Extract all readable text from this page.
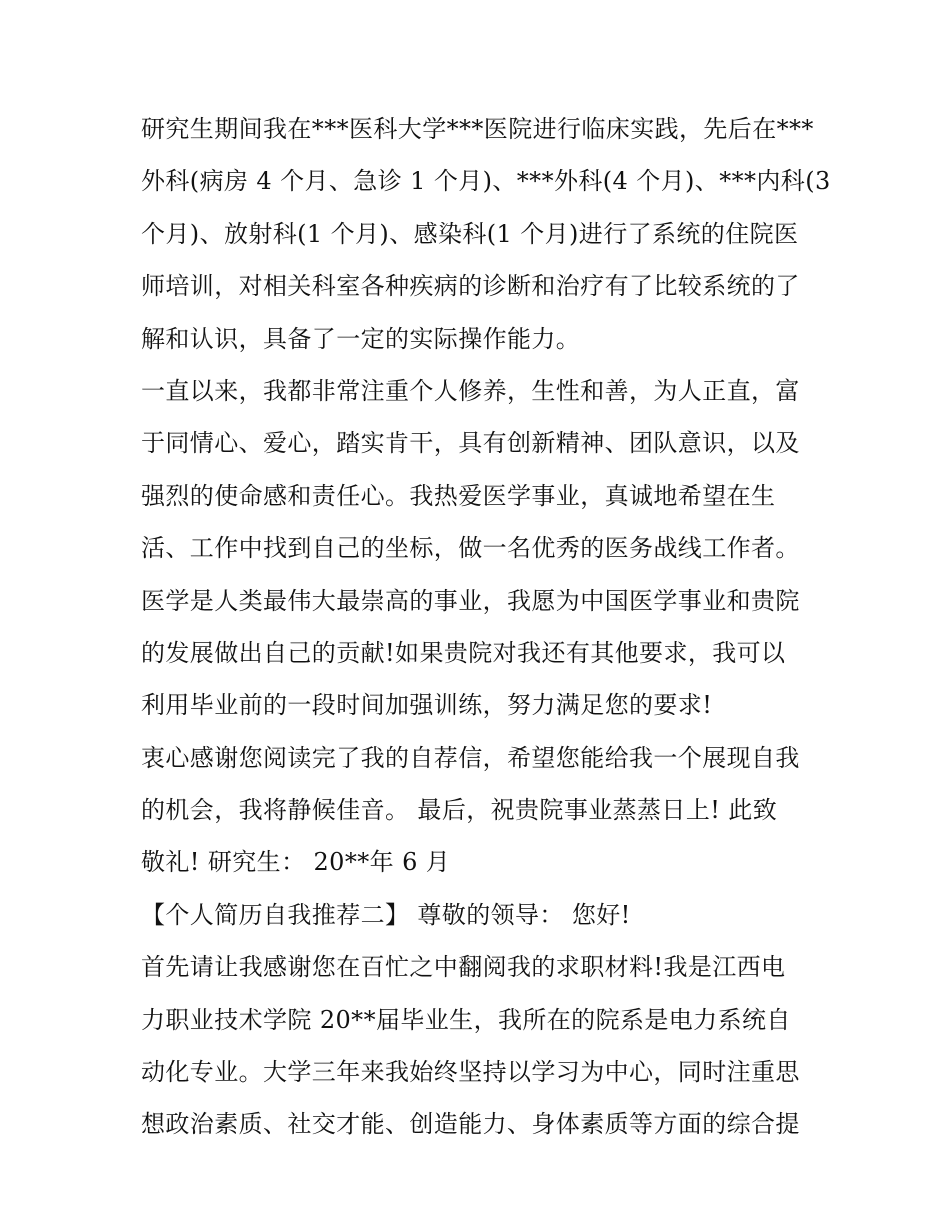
研究生期间我在***医科大学***医院进行临床实践，先后在***
外科(病房 4 个月、急诊 1 个月)、***外科(4 个月)、***内科(3
个月)、放射科(1 个月)、感染科(1 个月)进行了系统的住院医
师培训，对相关科室各种疾病的诊断和治疗有了比较系统的了
解和认识，具备了一定的实际操作能力。
一直以来，我都非常注重个人修养，生性和善，为人正直，富
于同情心、爱心，踏实肯干，具有创新精神、团队意识，以及
强烈的使命感和责任心。我热爱医学事业，真诚地希望在生
活、工作中找到自己的坐标，做一名优秀的医务战线工作者。
医学是人类最伟大最崇高的事业，我愿为中国医学事业和贵院
的发展做出自己的贡献!如果贵院对我还有其他要求，我可以
利用毕业前的一段时间加强训练，努力满足您的要求!
衷心感谢您阅读完了我的自荐信，希望您能给我一个展现自我
的机会，我将静候佳音。 最后，祝贵院事业蒸蒸日上! 此致
敬礼! 研究生： 20**年 6 月
【个人简历自我推荐二】 尊敬的领导： 您好!
首先请让我感谢您在百忙之中翻阅我的求职材料!我是江西电
力职业技术学院 20**届毕业生，我所在的院系是电力系统自
动化专业。大学三年来我始终坚持以学习为中心，同时注重思
想政治素质、社交才能、创造能力、身体素质等方面的综合提
